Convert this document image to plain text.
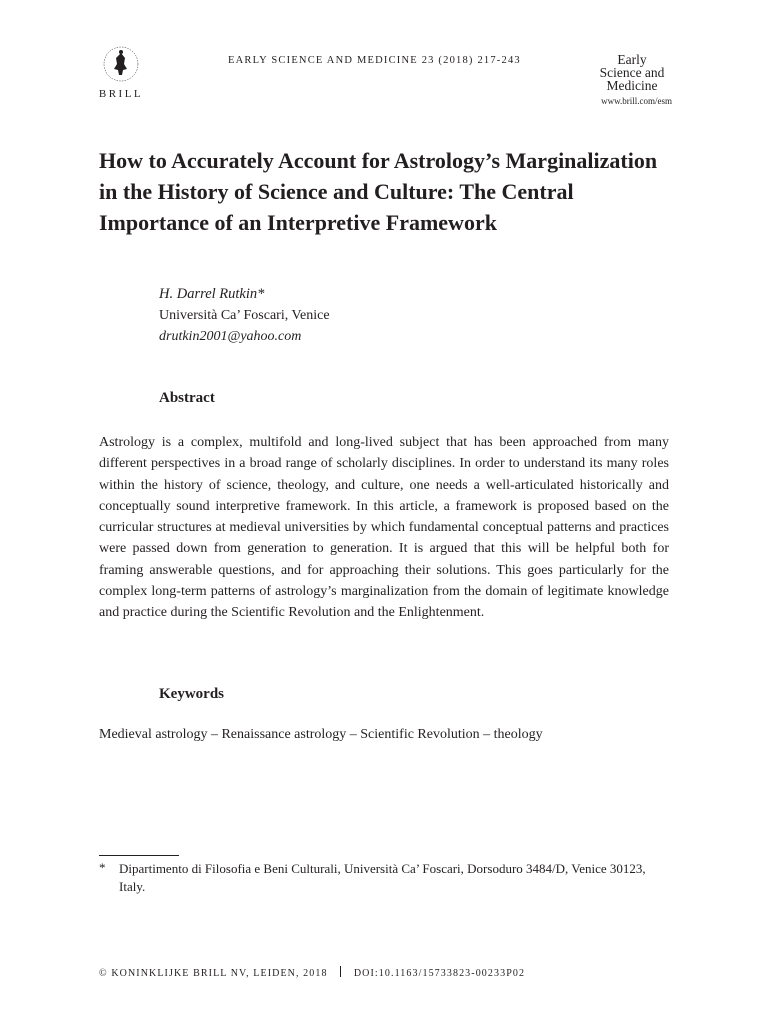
BRILL
EARLY SCIENCE AND MEDICINE 23 (2018) 217-243	Early
Science and
Medicine
www.brill.com/esm
How to Accurately Account for Astrology’s Marginalization in the History of Science and Culture: The Central Importance of an Interpretive Framework
H. Darrel Rutkin*
Università Ca’ Foscari, Venice
drutkin2001@yahoo.com
Abstract
Astrology is a complex, multifold and long-lived subject that has been approached from many different perspectives in a broad range of scholarly disciplines. In order to understand its many roles within the history of science, theology, and culture, one needs a well-articulated historically and conceptually sound interpretive framework. In this article, a framework is proposed based on the curricular structures at medieval universities by which fundamental conceptual patterns and practices were passed down from generation to generation. It is argued that this will be helpful both for framing answerable questions, and for approaching their solutions. This goes particularly for the complex long-term patterns of astrology’s marginalization from the domain of legitimate knowledge and practice during the Scientific Revolution and the Enlightenment.
Keywords
Medieval astrology – Renaissance astrology – Scientific Revolution – theology
* Dipartimento di Filosofia e Beni Culturali, Università Ca’ Foscari, Dorsoduro 3484/D, Venice 30123, Italy.
© KONINKLIJKE BRILL NV, LEIDEN, 2018	DOI:10.1163/15733823-00233P02
